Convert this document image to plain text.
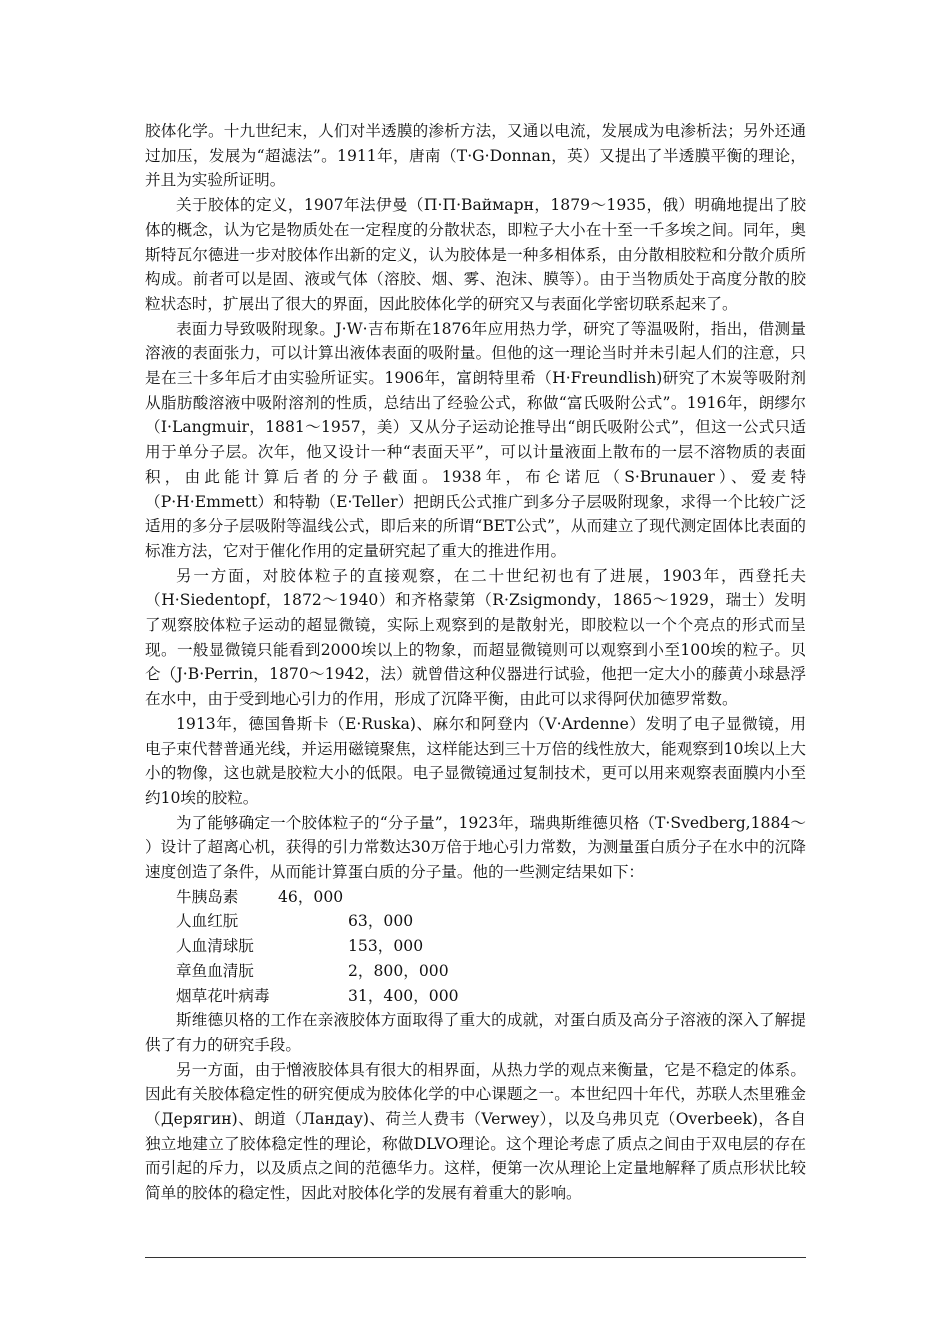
胶体化学。十九世纪末，人们对半透膜的渗析方法，又通以电流，发展成为电渗析法；另外还通过加压，发展为“超滤法”。1911年，唐南（T·G·Donnan，英）又提出了半透膜平衡的理论，并且为实验所证明。

关于胶体的定义，1907年法伊曼（П·П·Ваймарн，1879～1935，俄）明确地提出了胶体的概念，认为它是物质处在一定程度的分散状态，即粒子大小在十至一千多埃之间。同年，奥斯特瓦尔德进一步对胶体作出新的定义，认为胶体是一种多相体系，由分散相胶粒和分散介质所构成。前者可以是固、液或气体（溶胶、烟、雾、泡沫、膜等）。由于当物质处于高度分散的胶粒状态时，扩展出了很大的界面，因此胶体化学的研究又与表面化学密切联系起来了。

表面力导致吸附现象。J·W·吉布斯在1876年应用热力学，研究了等温吸附，指出，借测量溶液的表面张力，可以计算出液体表面的吸附量。但他的这一理论当时并未引起人们的注意，只是在三十多年后才由实验所证实。1906年，富朗特里希（H·Freundlish)研究了木炭等吸附剂从脂肪酸溶液中吸附溶剂的性质，总结出了经验公式，称做“富氏吸附公式”。1916年，朗缪尔（I·Langmuir，1881～1957，美）又从分子运动论推导出“朗氏吸附公式”，但这一公式只适用于单分子层。次年，他又设计一种“表面天平”，可以计量液面上散布的一层不溶物质的表面积，由此能计算后者的分子截面。1938年，布仑诺厄（S·Brunauer）、爱麦特（P·H·Emmett）和特勒（E·Teller）把朗氏公式推广到多分子层吸附现象，求得一个比较广泛适用的多分子层吸附等温线公式，即后来的所谓“BET公式”，从而建立了现代测定固体比表面的标准方法，它对于催化作用的定量研究起了重大的推进作用。

另一方面，对胶体粒子的直接观察，在二十世纪初也有了进展，1903年，西登托夫（H·Siedentopf，1872～1940）和齐格蒙第（R·Zsigmondy，1865～1929，瑞士）发明了观察胶体粒子运动的超显微镜，实际上观察到的是散射光，即胶粒以一个个亮点的形式而呈现。一般显微镜只能看到2000埃以上的物象，而超显微镜则可以观察到小至100埃的粒子。贝仑（J·B·Perrin，1870～1942，法）就曾借这种仪器进行试验，他把一定大小的藤黄小球悬浮在水中，由于受到地心引力的作用，形成了沉降平衡，由此可以求得阿伏加德罗常数。

1913年，德国鲁斯卡（E·Ruska)、麻尔和阿登内（V·Ardenne）发明了电子显微镜，用电子束代替普通光线，并运用磁镜聚焦，这样能达到三十万倍的线性放大，能观察到10埃以上大小的物像，这也就是胶粒大小的低限。电子显微镜通过复制技术，更可以用来观察表面膜内小至约10埃的胶粒。

为了能够确定一个胶体粒子的“分子量”，1923年，瑞典斯维德贝格（T·Svedberg,1884～ ）设计了超离心机，获得的引力常数达30万倍于地心引力常数，为测量蛋白质分子在水中的沉降速度创造了条件，从而能计算蛋白质的分子量。他的一些测定结果如下：

牛胰岛素	46，000
人血红朊	63，000
人血清球朊	153，000
章鱼血清朊	2，800，000
烟草花叶病毒	31，400，000

斯维德贝格的工作在亲液胶体方面取得了重大的成就，对蛋白质及高分子溶液的深入了解提供了有力的研究手段。

另一方面，由于憎液胶体具有很大的相界面，从热力学的观点来衡量，它是不稳定的体系。因此有关胶体稳定性的研究便成为胶体化学的中心课题之一。本世纪四十年代，苏联人杰里雅金（Дерягин)、朗道（Ландау)、荷兰人费韦（Verwey），以及乌弗贝克（Overbeek)，各自独立地建立了胶体稳定性的理论，称做DLVO理论。这个理论考虑了质点之间由于双电层的存在而引起的斥力，以及质点之间的范德华力。这样，便第一次从理论上定量地解释了质点形状比较简单的胶体的稳定性，因此对胶体化学的发展有着重大的影响。
